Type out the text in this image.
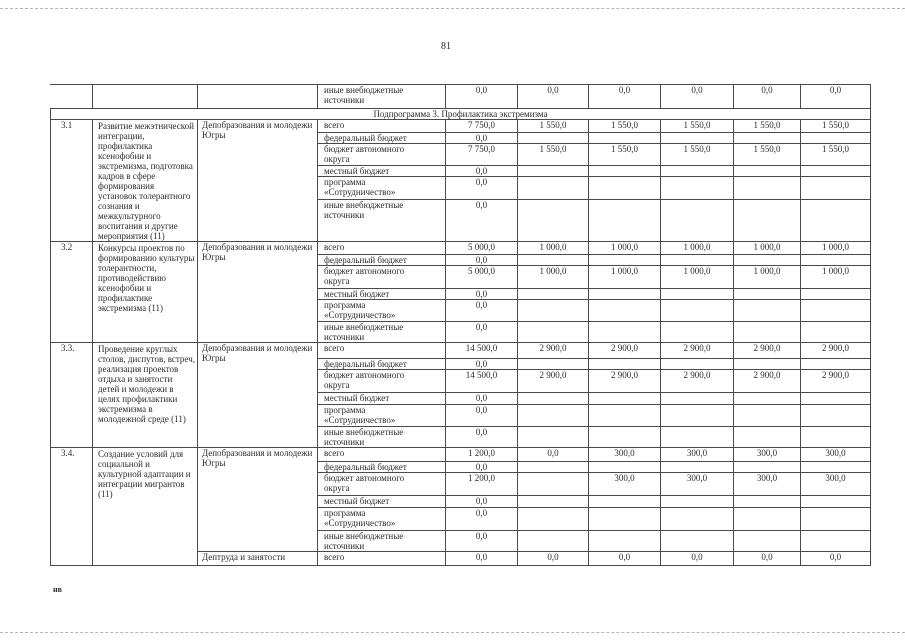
81
			иные внебюджетные источники	0,0	0,0	0,0	0,0	0,0	0,0
Подпрограмма 3. Профилактика экстремизма									
3.1	Развитие межэтнической интеграции, профилактика ксенофобии и экстремизма, подготовка кадров в сфере формирования установок толерантного сознания и межкультурного воспитания и другие мероприятия (11)	Депобразования и молодежи Югры	всего	7 750,0	1 550,0	1 550,0	1 550,0	1 550,0	1 550,0
			федеральный бюджет	0,0					
			бюджет автономного округа	7 750,0	1 550,0	1 550,0	1 550,0	1 550,0	1 550,0
			местный бюджет	0,0					
			программа «Сотрудничество»	0,0					
			иные внебюджетные источники	0,0					
3.2	Конкурсы проектов по формированию культуры толерантности, противодействию ксенофобии и профилактике экстремизма (11)	Депобразования и молодежи Югры	всего	5 000,0	1 000,0	1 000,0	1 000,0	1 000,0	1 000,0
			федеральный бюджет	0,0					
			бюджет автономного округа	5 000,0	1 000,0	1 000,0	1 000,0	1 000,0	1 000,0
			местный бюджет	0,0					
			программа «Сотрудничество»	0,0					
			иные внебюджетные источники	0,0					
3.3.	Проведение круглых столов, диспутов, встреч, реализация проектов отдыха и занятости детей и молодежи в целях профилактики экстремизма в молодежной среде (11)	Депобразования и молодежи Югры	всего	14 500,0	2 900,0	2 900,0	2 900,0	2 900,0	2 900,0
			федеральный бюджет	0,0					
			бюджет автономного округа	14 500,0	2 900,0	2 900,0	2 900,0	2 900,0	2 900,0
			местный бюджет	0,0					
			программа «Сотрудничество»	0,0					
			иные внебюджетные источники	0,0					
3.4.	Создание условий для социальной и культурной адаптации и интеграции мигрантов (11)	Депобразования и молодежи Югры	всего	1 200,0	0,0	300,0	300,0	300,0	300,0
			федеральный бюджет	0,0					
			бюджет автономного округа	1 200,0		300,0	300,0	300,0	300,0
			местный бюджет	0,0					
			программа «Сотрудничество»	0,0					
			иные внебюджетные источники	0,0					
		Дептруда и занятости	всего	0,0	0,0	0,0	0,0	0,0	0,0
нв
